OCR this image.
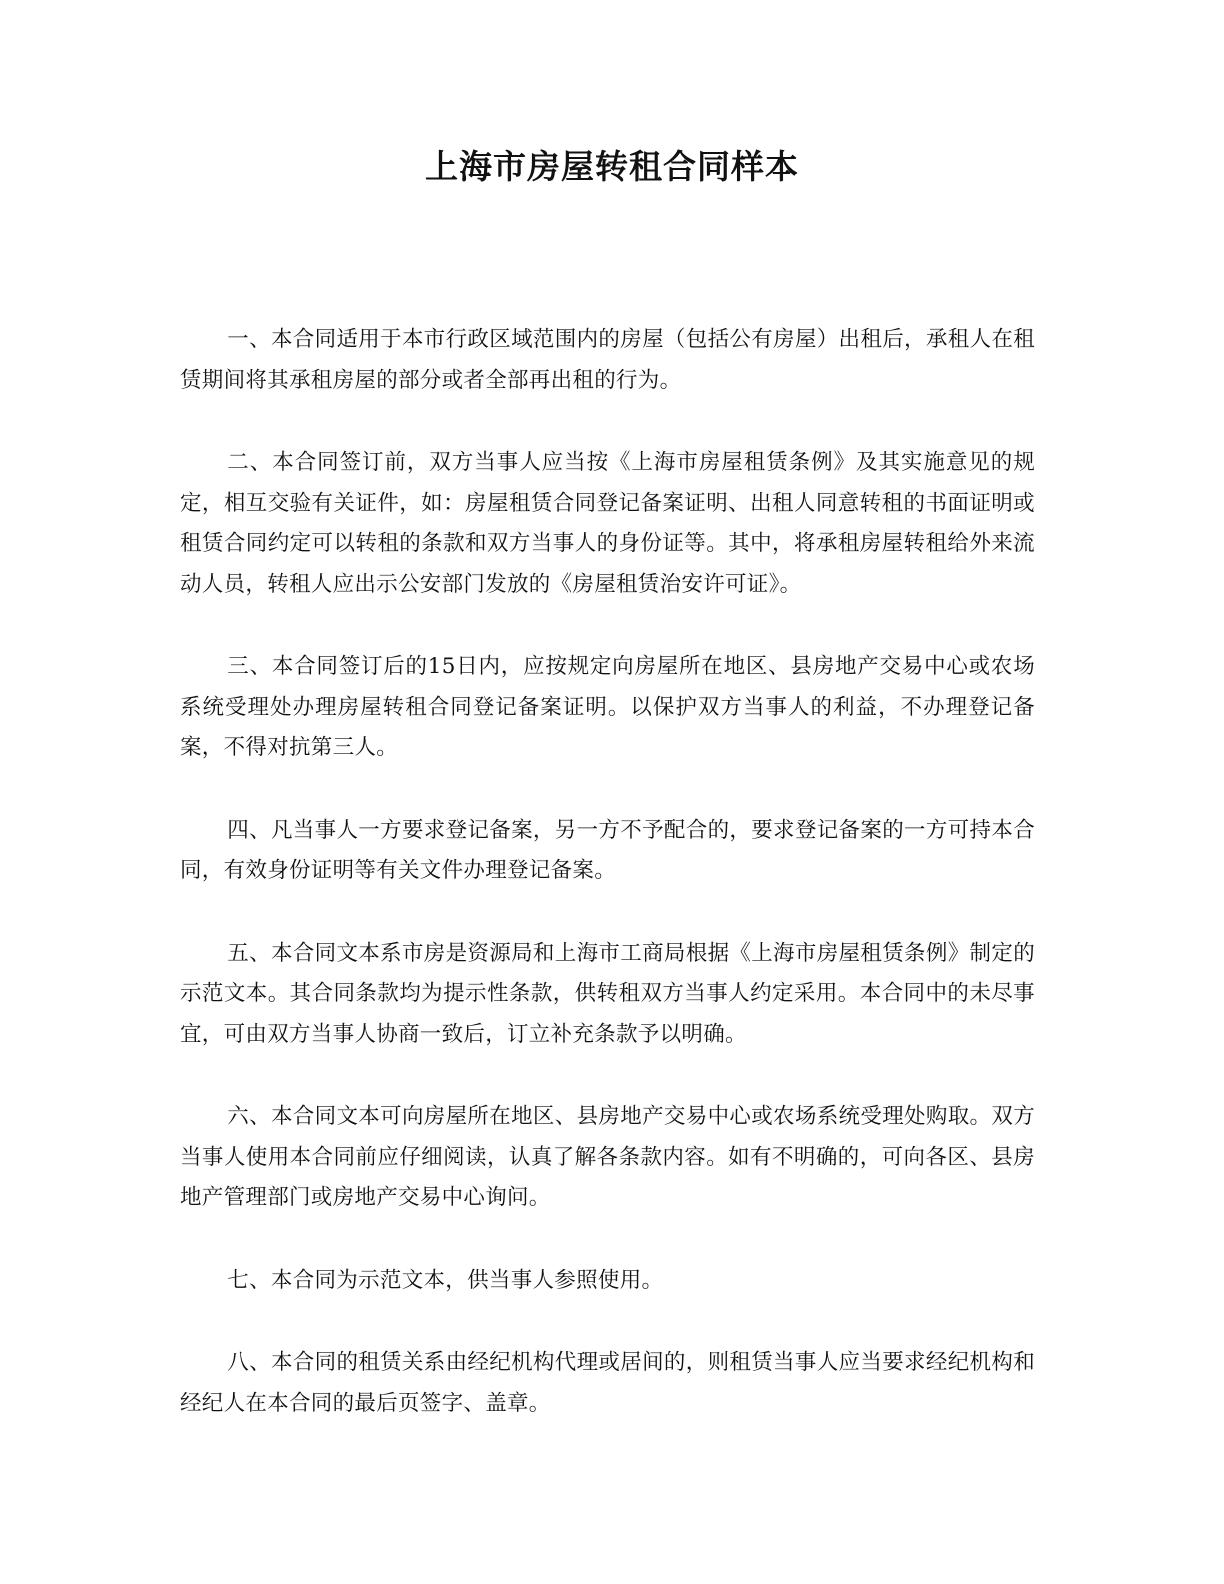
上海市房屋转租合同样本

一、本合同适用于本市行政区域范围内的房屋（包括公有房屋）出租后，承租人在租赁期间将其承租房屋的部分或者全部再出租的行为。

二、本合同签订前，双方当事人应当按《上海市房屋租赁条例》及其实施意见的规定，相互交验有关证件，如：房屋租赁合同登记备案证明、出租人同意转租的书面证明或租赁合同约定可以转租的条款和双方当事人的身份证等。其中，将承租房屋转租给外来流动人员，转租人应出示公安部门发放的《房屋租赁治安许可证》。

三、本合同签订后的15日内，应按规定向房屋所在地区、县房地产交易中心或农场系统受理处办理房屋转租合同登记备案证明。以保护双方当事人的利益，不办理登记备案，不得对抗第三人。

四、凡当事人一方要求登记备案，另一方不予配合的，要求登记备案的一方可持本合同，有效身份证明等有关文件办理登记备案。

五、本合同文本系市房是资源局和上海市工商局根据《上海市房屋租赁条例》制定的示范文本。其合同条款均为提示性条款，供转租双方当事人约定采用。本合同中的未尽事宜，可由双方当事人协商一致后，订立补充条款予以明确。

六、本合同文本可向房屋所在地区、县房地产交易中心或农场系统受理处购取。双方当事人使用本合同前应仔细阅读，认真了解各条款内容。如有不明确的，可向各区、县房地产管理部门或房地产交易中心询问。

七、本合同为示范文本，供当事人参照使用。

八、本合同的租赁关系由经纪机构代理或居间的，则租赁当事人应当要求经纪机构和经纪人在本合同的最后页签字、盖章。
